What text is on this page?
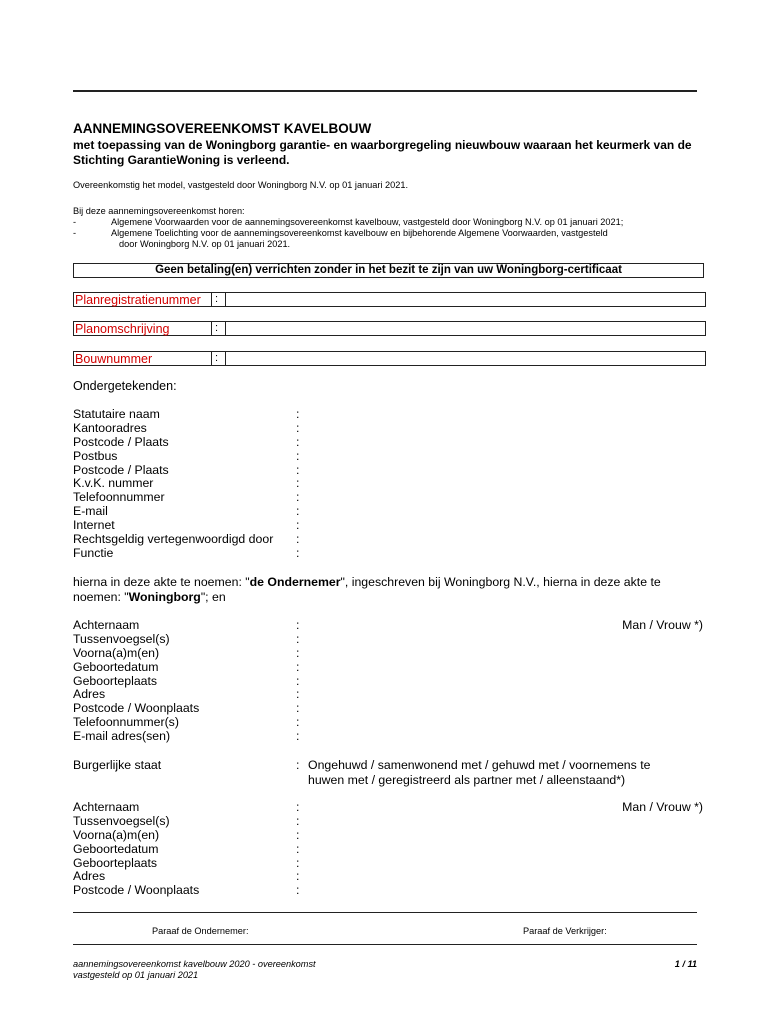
AANNEMINGSOVEREENKOMST KAVELBOUW
met toepassing van de Woningborg garantie- en waarborgregeling nieuwbouw waaraan het keurmerk van de Stichting GarantieWoning is verleend.
Overeenkomstig het model, vastgesteld door Woningborg N.V. op 01 januari 2021.
Bij deze aannemingsovereenkomst horen:
-	Algemene Voorwaarden voor de aannemingsovereenkomst kavelbouw, vastgesteld door Woningborg N.V. op 01 januari 2021;
-	Algemene Toelichting voor de aannemingsovereenkomst kavelbouw en bijbehorende Algemene Voorwaarden, vastgesteld
door Woningborg N.V. op 01 januari 2021.
Geen betaling(en) verrichten zonder in het bezit te zijn van uw Woningborg-certificaat
Planregistratienummer	:
Planomschrijving	:
Bouwnummer	:
Ondergetekenden:
Statutaire naam	:
Kantooradres	:
Postcode / Plaats	:
Postbus	:
Postcode / Plaats	:
K.v.K. nummer	:
Telefoonnummer	:
E-mail	:
Internet	:
Rechtsgeldig vertegenwoordigd door :
Functie	:
hierna in deze akte te noemen: "de Ondernemer", ingeschreven bij Woningborg N.V., hierna in deze akte te
noemen: "Woningborg"; en
Achternaam	:	Man / Vrouw *)
Tussenvoegsel(s)	:
Voorna(a)m(en)	:
Geboortedatum	:
Geboorteplaats	:
Adres	:
Postcode / Woonplaats	:
Telefoonnummer(s)	:
E-mail adres(sen)	:
Burgerlijke staat	: Ongehuwd / samenwonend met / gehuwd met / voornemens te
huwen met / geregistreerd als partner met / alleenstaand*)
Achternaam	:	Man / Vrouw *)
Tussenvoegsel(s)	:
Voorna(a)m(en)	:
Geboortedatum	:
Geboorteplaats	:
Adres	:
Postcode / Woonplaats	:
Paraaf de Ondernemer:	Paraaf de Verkrijger:
aannemingsovereenkomst kavelbouw 2020 - overeenkomst
vastgesteld op 01 januari 2021
1 / 11
